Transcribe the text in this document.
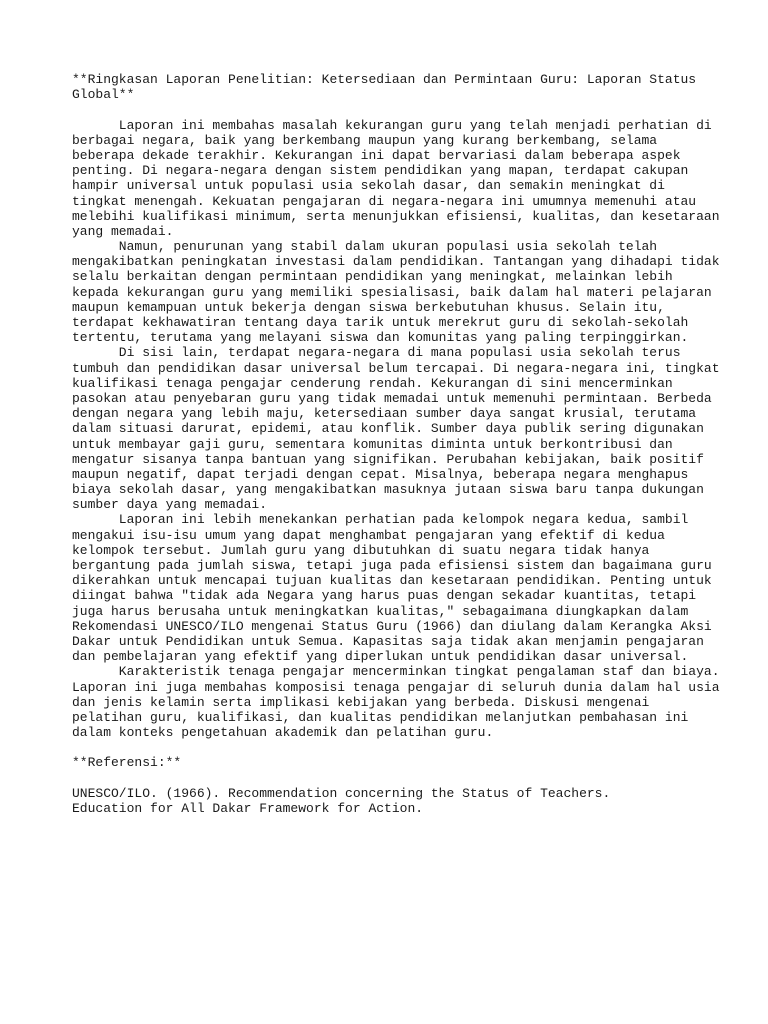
**Ringkasan Laporan Penelitian: Ketersediaan dan Permintaan Guru: Laporan Status
Global**
Laporan ini membahas masalah kekurangan guru yang telah menjadi perhatian di
berbagai negara, baik yang berkembang maupun yang kurang berkembang, selama
beberapa dekade terakhir. Kekurangan ini dapat bervariasi dalam beberapa aspek
penting. Di negara-negara dengan sistem pendidikan yang mapan, terdapat cakupan
hampir universal untuk populasi usia sekolah dasar, dan semakin meningkat di
tingkat menengah. Kekuatan pengajaran di negara-negara ini umumnya memenuhi atau
melebihi kualifikasi minimum, serta menunjukkan efisiensi, kualitas, dan kesetaraan
yang memadai.
Namun, penurunan yang stabil dalam ukuran populasi usia sekolah telah
mengakibatkan peningkatan investasi dalam pendidikan. Tantangan yang dihadapi tidak
selalu berkaitan dengan permintaan pendidikan yang meningkat, melainkan lebih
kepada kekurangan guru yang memiliki spesialisasi, baik dalam hal materi pelajaran
maupun kemampuan untuk bekerja dengan siswa berkebutuhan khusus. Selain itu,
terdapat kekhawatiran tentang daya tarik untuk merekrut guru di sekolah-sekolah
tertentu, terutama yang melayani siswa dan komunitas yang paling terpinggirkan.
Di sisi lain, terdapat negara-negara di mana populasi usia sekolah terus
tumbuh dan pendidikan dasar universal belum tercapai. Di negara-negara ini, tingkat
kualifikasi tenaga pengajar cenderung rendah. Kekurangan di sini mencerminkan
pasokan atau penyebaran guru yang tidak memadai untuk memenuhi permintaan. Berbeda
dengan negara yang lebih maju, ketersediaan sumber daya sangat krusial, terutama
dalam situasi darurat, epidemi, atau konflik. Sumber daya publik sering digunakan
untuk membayar gaji guru, sementara komunitas diminta untuk berkontribusi dan
mengatur sisanya tanpa bantuan yang signifikan. Perubahan kebijakan, baik positif
maupun negatif, dapat terjadi dengan cepat. Misalnya, beberapa negara menghapus
biaya sekolah dasar, yang mengakibatkan masuknya jutaan siswa baru tanpa dukungan
sumber daya yang memadai.
Laporan ini lebih menekankan perhatian pada kelompok negara kedua, sambil
mengakui isu-isu umum yang dapat menghambat pengajaran yang efektif di kedua
kelompok tersebut. Jumlah guru yang dibutuhkan di suatu negara tidak hanya
bergantung pada jumlah siswa, tetapi juga pada efisiensi sistem dan bagaimana guru
dikerahkan untuk mencapai tujuan kualitas dan kesetaraan pendidikan. Penting untuk
diingat bahwa "tidak ada Negara yang harus puas dengan sekadar kuantitas, tetapi
juga harus berusaha untuk meningkatkan kualitas," sebagaimana diungkapkan dalam
Rekomendasi UNESCO/ILO mengenai Status Guru (1966) dan diulang dalam Kerangka Aksi
Dakar untuk Pendidikan untuk Semua. Kapasitas saja tidak akan menjamin pengajaran
dan pembelajaran yang efektif yang diperlukan untuk pendidikan dasar universal.
Karakteristik tenaga pengajar mencerminkan tingkat pengalaman staf dan biaya.
Laporan ini juga membahas komposisi tenaga pengajar di seluruh dunia dalam hal usia
dan jenis kelamin serta implikasi kebijakan yang berbeda. Diskusi mengenai
pelatihan guru, kualifikasi, dan kualitas pendidikan melanjutkan pembahasan ini
dalam konteks pengetahuan akademik dan pelatihan guru.
**Referensi:**
UNESCO/ILO. (1966). Recommendation concerning the Status of Teachers.
Education for All Dakar Framework for Action.
